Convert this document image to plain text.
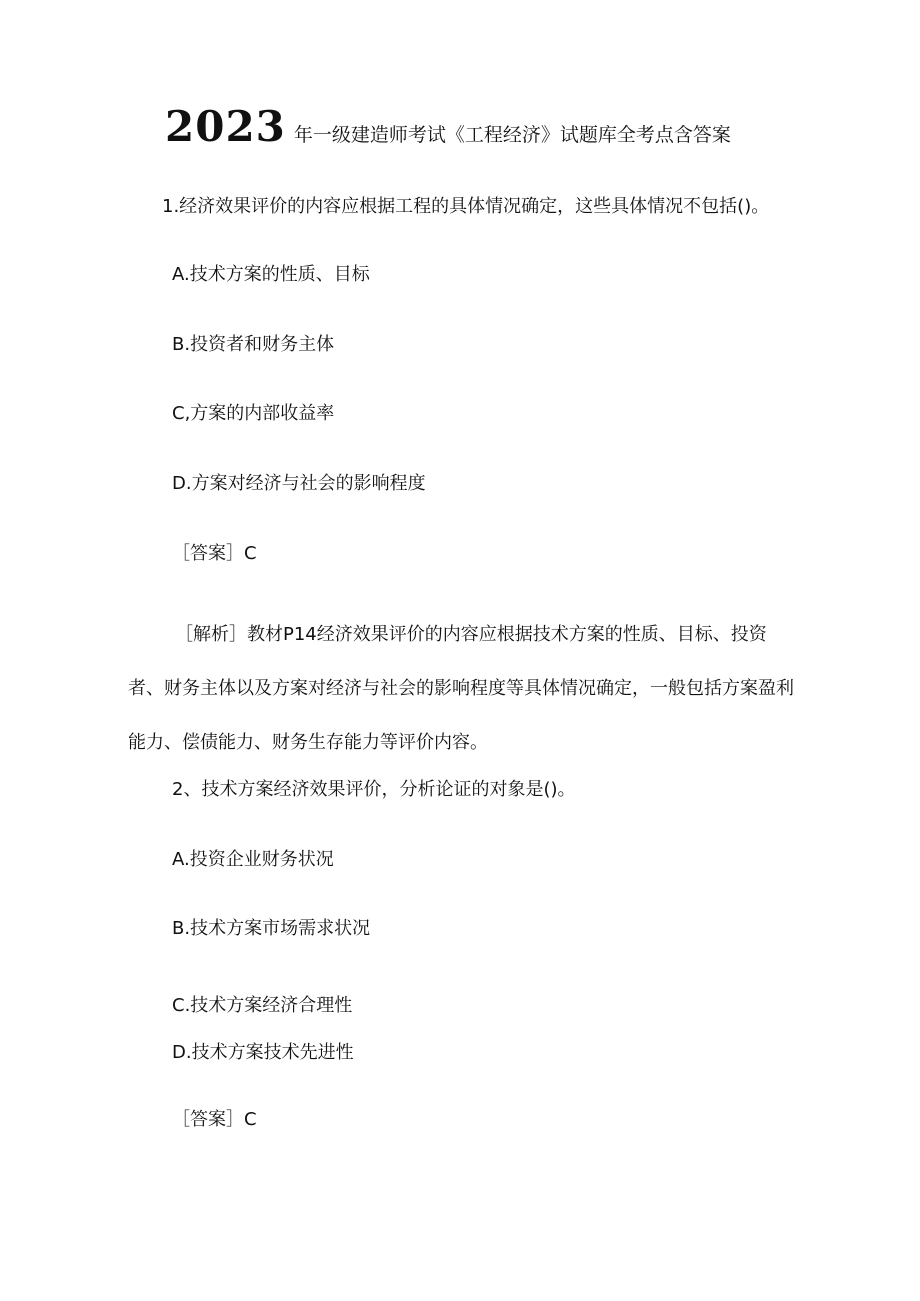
2023 年一级建造师考试《工程经济》试题库全考点含答案
1.经济效果评价的内容应根据工程的具体情况确定，这些具体情况不包括()。
A.技术方案的性质、目标
B.投资者和财务主体
C,方案的内部收益率
D.方案对经济与社会的影响程度
［答案］C
［解析］教材P14经济效果评价的内容应根据技术方案的性质、目标、投资者、财务主体以及方案对经济与社会的影响程度等具体情况确定，一般包括方案盈利能力、偿债能力、财务生存能力等评价内容。
2、技术方案经济效果评价，分析论证的对象是()。
A.投资企业财务状况
B.技术方案市场需求状况
C.技术方案经济合理性
D.技术方案技术先进性
［答案］C
